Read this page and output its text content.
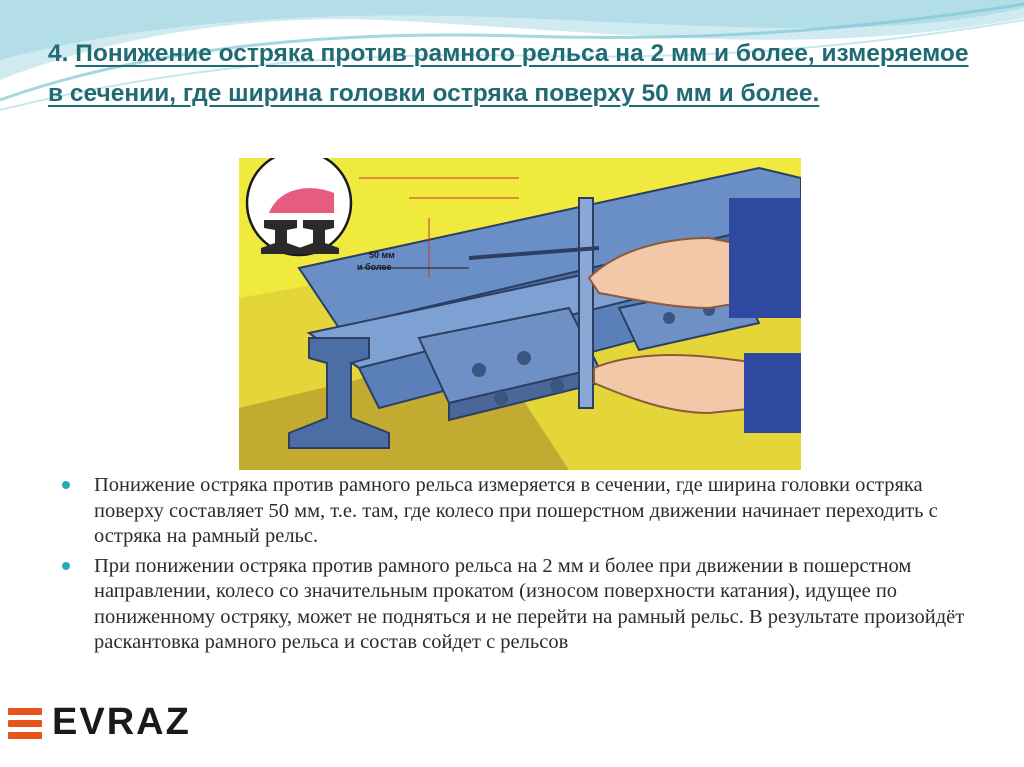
4. Понижение остряка против рамного рельса на 2 мм и более, измеряемое в сечении, где ширина головки остряка поверху 50 мм и более.
50 мм
и более
Понижение остряка против рамного рельса измеряется в сечении, где ширина головки остряка поверху составляет 50 мм, т.е. там, где колесо при пошерстном движении начинает переходить с остряка на рамный рельс.
При понижении остряка против рамного рельса на 2 мм и более при движении в пошерстном направлении, колесо со значительным прокатом (износом поверхности катания), идущее по пониженному остряку, может не подняться и не перейти на рамный рельс. В результате произойдёт раскантовка рамного рельса и состав сойдет с рельсов
EVRAZ
